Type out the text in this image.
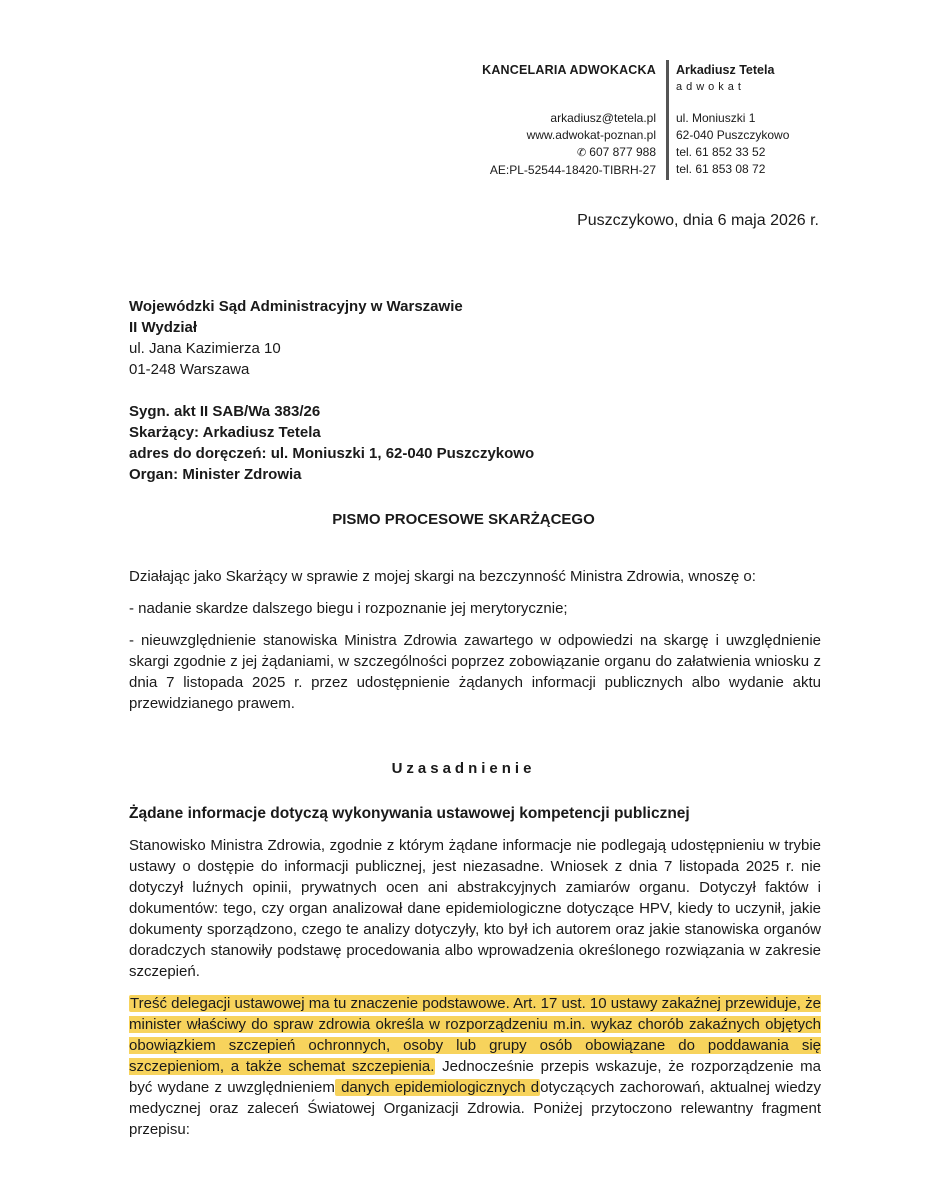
KANCELARIA ADWOKACKA
arkadiusz@tetela.pl
www.adwokat-poznan.pl
✆ 607 877 988
AE:PL-52544-18420-TIBRH-27
Arkadiusz Tetela
adwokat
ul. Moniuszki 1
62-040 Puszczykowo
tel. 61 852 33 52
tel. 61 853 08 72
Puszczykowo, dnia 6 maja 2026 r.
Wojewódzki Sąd Administracyjny w Warszawie
II Wydział
ul. Jana Kazimierza 10
01-248 Warszawa
Sygn. akt II SAB/Wa 383/26
Skarżący: Arkadiusz Tetela
adres do doręczeń: ul. Moniuszki 1, 62-040 Puszczykowo
Organ: Minister Zdrowia
PISMO PROCESOWE SKARŻĄCEGO

Działając jako Skarżący w sprawie z mojej skargi na bezczynność Ministra Zdrowia, wnoszę o:

- nadanie skardze dalszego biegu i rozpoznanie jej merytorycznie;

- nieuwzględnienie stanowiska Ministra Zdrowia zawartego w odpowiedzi na skargę i uwzględnienie skargi zgodnie z jej żądaniami, w szczególności poprzez zobowiązanie organu do załatwienia wniosku z dnia 7 listopada 2025 r. przez udostępnienie żądanych informacji publicznych albo wydanie aktu przewidzianego prawem.

Uzasadnienie
Żądane informacje dotyczą wykonywania ustawowej kompetencji publicznej

Stanowisko Ministra Zdrowia, zgodnie z którym żądane informacje nie podlegają udostępnieniu w trybie ustawy o dostępie do informacji publicznej, jest niezasadne. Wniosek z dnia 7 listopada 2025 r. nie dotyczył luźnych opinii, prywatnych ocen ani abstrakcyjnych zamiarów organu. Dotyczył faktów i dokumentów: tego, czy organ analizował dane epidemiologiczne dotyczące HPV, kiedy to uczynił, jakie dokumenty sporządzono, czego te analizy dotyczyły, kto był ich autorem oraz jakie stanowiska organów doradczych stanowiły podstawę procedowania albo wprowadzenia określonego rozwiązania w zakresie szczepień.

Treść delegacji ustawowej ma tu znaczenie podstawowe. Art. 17 ust. 10 ustawy zakaźnej przewiduje, że minister właściwy do spraw zdrowia określa w rozporządzeniu m.in. wykaz chorób zakaźnych objętych obowiązkiem szczepień ochronnych, osoby lub grupy osób obowiązane do poddawania się szczepieniom, a także schemat szczepienia. Jednocześnie przepis wskazuje, że rozporządzenie ma być wydane z uwzględnieniem danych epidemiologicznych dotyczących zachorowań, aktualnej wiedzy medycznej oraz zaleceń Światowej Organizacji Zdrowia. Poniżej przytoczono relewantny fragment przepisu:
